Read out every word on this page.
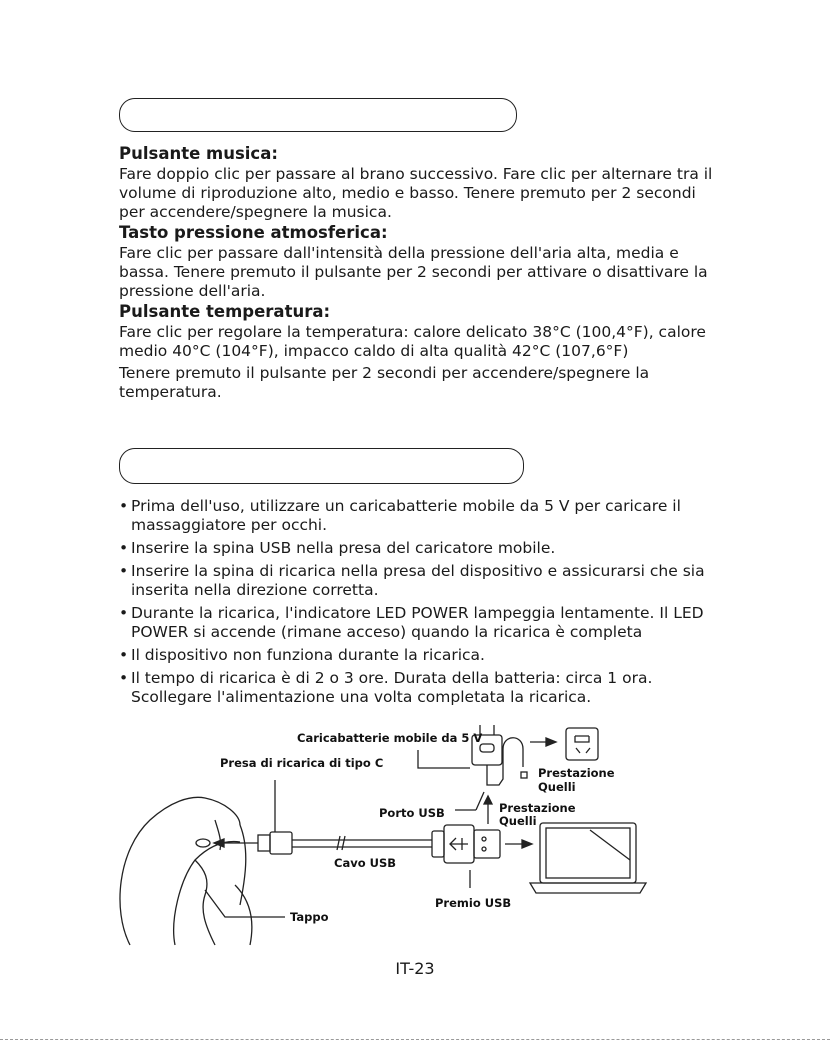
Pulsante musica:

Fare doppio clic per passare al brano successivo. Fare clic per alternare tra il volume di riproduzione alto, medio e basso. Tenere premuto per 2 secondi per accendere/spegnere la musica.

Tasto pressione atmosferica:

Fare clic per passare dall'intensità della pressione dell'aria alta, media e bassa. Tenere premuto il pulsante per 2 secondi per attivare o disattivare la pressione dell'aria.

Pulsante temperatura:

Fare clic per regolare la temperatura: calore delicato 38°C (100,4°F), calore medio 40°C (104°F), impacco caldo di alta qualità 42°C (107,6°F)

Tenere premuto il pulsante per 2 secondi per accendere/spegnere la temperatura.

• Prima dell'uso, utilizzare un caricabatterie mobile da 5 V per caricare il massaggiatore per occhi.
• Inserire la spina USB nella presa del caricatore mobile.
• Inserire la spina di ricarica nella presa del dispositivo e assicurarsi che sia inserita nella direzione corretta.
• Durante la ricarica, l'indicatore LED POWER lampeggia lentamente. Il LED POWER si accende (rimane acceso) quando la ricarica è completa
• Il dispositivo non funziona durante la ricarica.
• Il tempo di ricarica è di 2 o 3 ore. Durata della batteria: circa 1 ora. Scollegare l'alimentazione una volta completata la ricarica.
Caricabatterie mobile da 5 V
Presa di ricarica di tipo C
Prestazione
Quelli
Porto USB	Prestazione
Quelli
Cavo USB
Premio USB
Tappo
IT-23
